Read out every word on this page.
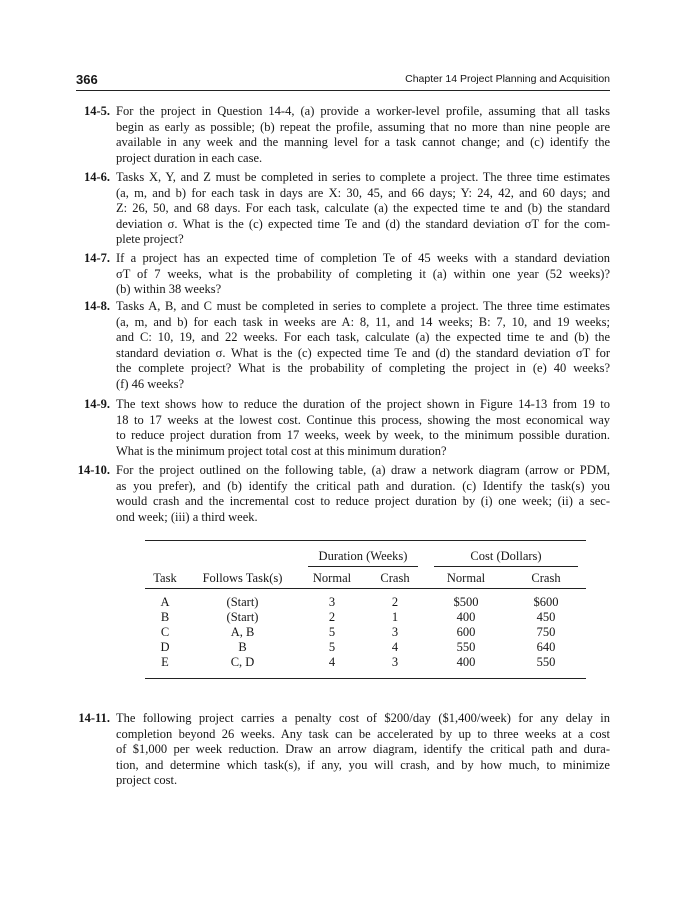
366	Chapter 14 Project Planning and Acquisition
14-5. For the project in Question 14-4, (a) provide a worker-level profile, assuming that all tasks
begin as early as possible; (b) repeat the profile, assuming that no more than nine people are
available in any week and the manning level for a task cannot change; and (c) identify the
project duration in each case.
14-6. Tasks X, Y, and Z must be completed in series to complete a project. The three time estimates
(a, m, and b) for each task in days are X: 30, 45, and 66 days; Y: 24, 42, and 60 days; and
Z: 26, 50, and 68 days. For each task, calculate (a) the expected time te and (b) the standard
deviation σ. What is the (c) expected time Te and (d) the standard deviation σT for the com-
plete project?
14-7. If a project has an expected time of completion Te of 45 weeks with a standard deviation
σT of 7 weeks, what is the probability of completing it (a) within one year (52 weeks)?
(b) within 38 weeks?
14-8. Tasks A, B, and C must be completed in series to complete a project. The three time estimates
(a, m, and b) for each task in weeks are A: 8, 11, and 14 weeks; B: 7, 10, and 19 weeks;
and C: 10, 19, and 22 weeks. For each task, calculate (a) the expected time te and (b) the
standard deviation σ. What is the (c) expected time Te and (d) the standard deviation σT for
the complete project? What is the probability of completing the project in (e) 40 weeks?
(f) 46 weeks?
14-9. The text shows how to reduce the duration of the project shown in Figure 14-13 from 19 to
18 to 17 weeks at the lowest cost. Continue this process, showing the most economical way
to reduce project duration from 17 weeks, week by week, to the minimum possible duration.
What is the minimum project total cost at this minimum duration?
14-10. For the project outlined on the following table, (a) draw a network diagram (arrow or PDM,
as you prefer), and (b) identify the critical path and duration. (c) Identify the task(s) you
would crash and the incremental cost to reduce project duration by (i) one week; (ii) a sec-
ond week; (iii) a third week.

		Duration (Weeks)		Cost (Dollars)	

Task	Follows Task(s)	Normal	Crash	Normal	Crash

A	(Start)	3	2	$500	$600
B	(Start)	2	1	400	450
C	A, B	5	3	600	750
D	B	5	4	550	640
E	C, D	4	3	400	550

14-11. The following project carries a penalty cost of $200/day ($1,400/week) for any delay in
completion beyond 26 weeks. Any task can be accelerated by up to three weeks at a cost
of $1,000 per week reduction. Draw an arrow diagram, identify the critical path and dura-
tion, and determine which task(s), if any, you will crash, and by how much, to minimize
project cost.
